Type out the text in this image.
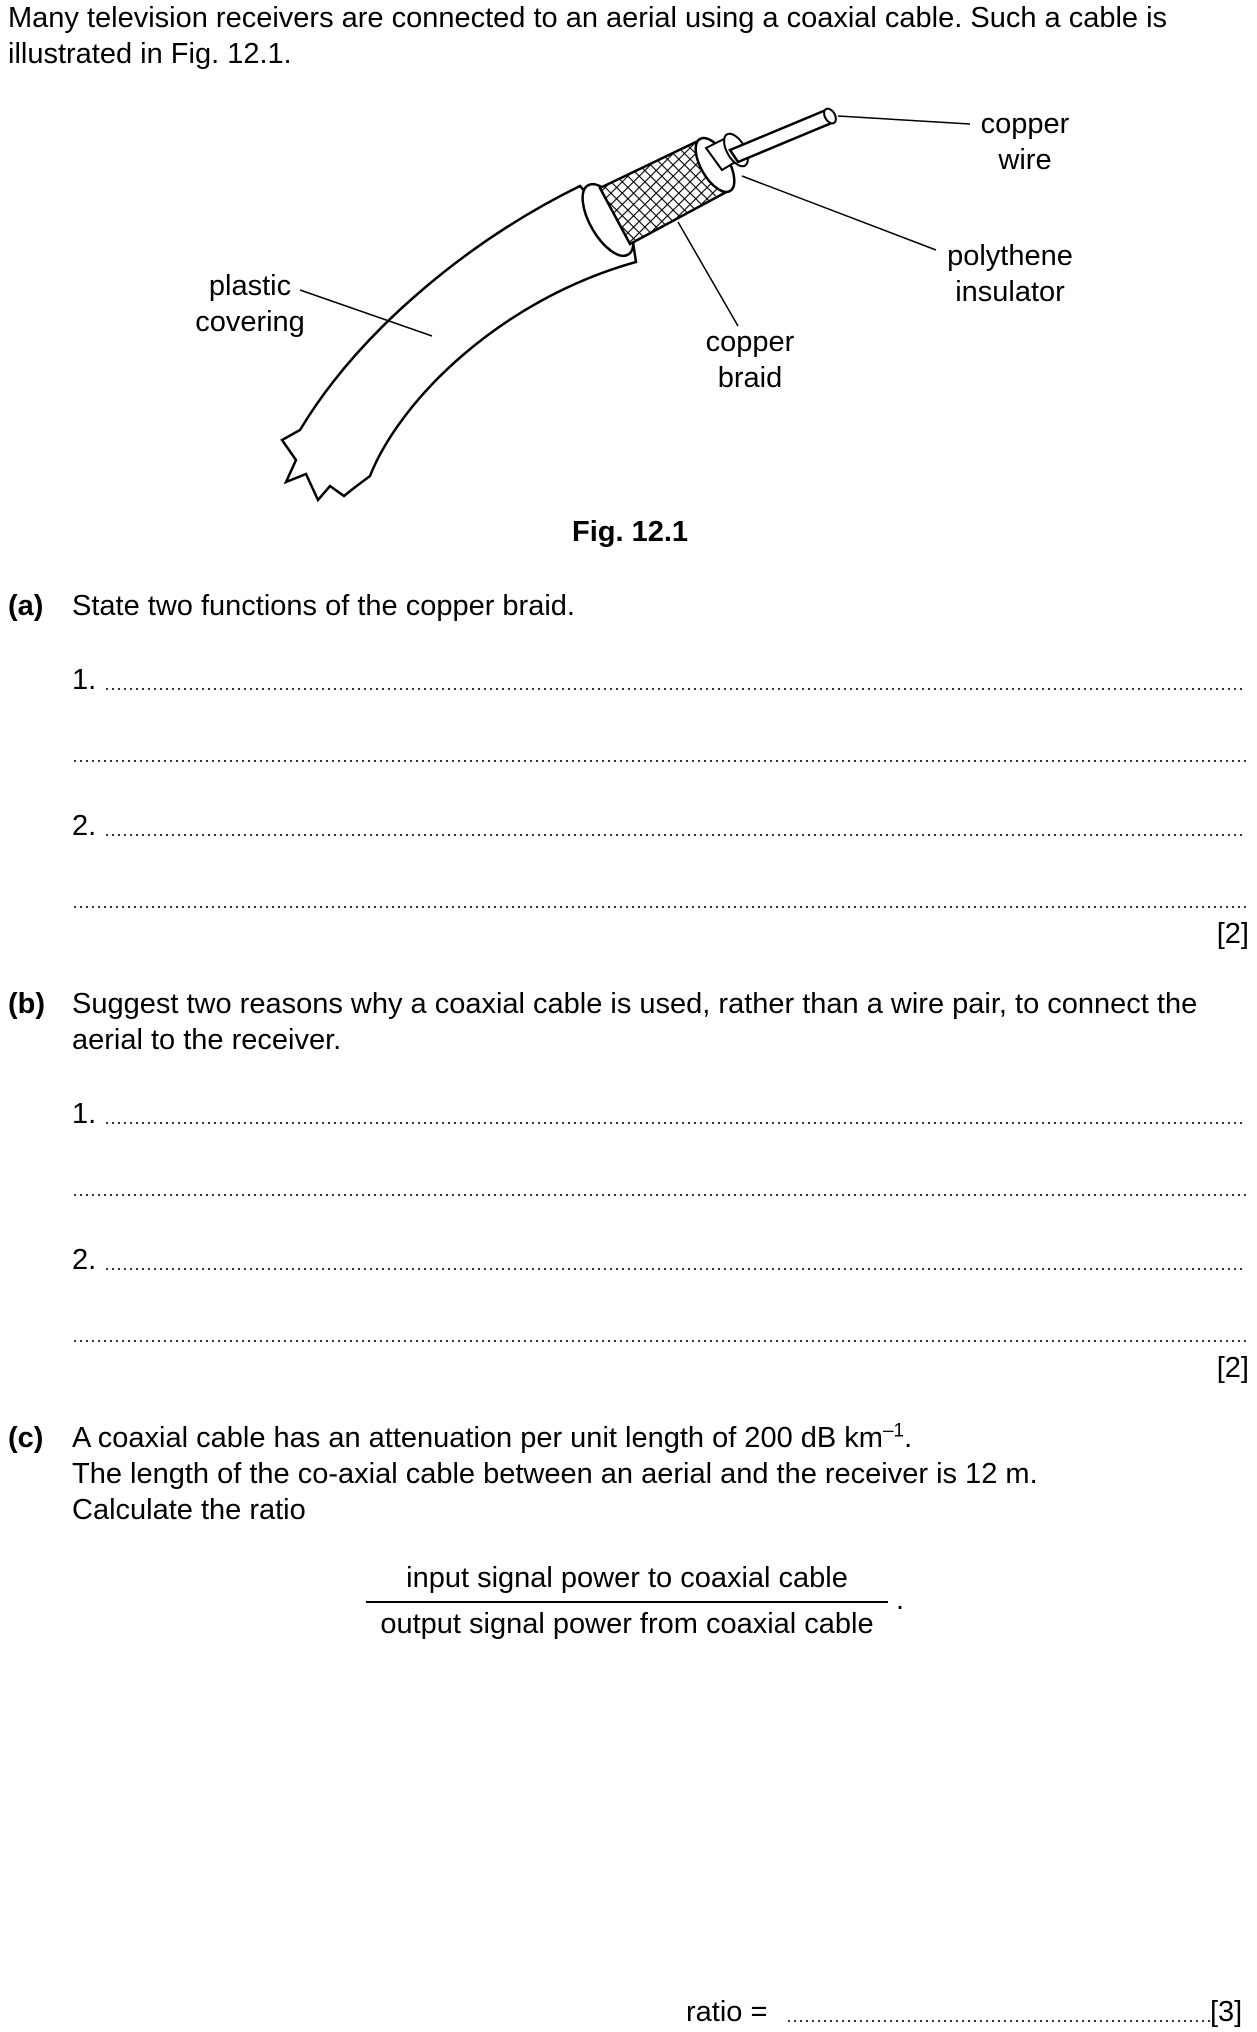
Many television receivers are connected to an aerial using a coaxial cable. Such a cable is illustrated in Fig. 12.1.
copper
wire
polythene
insulator
plastic
covering
copper
braid
Fig. 12.1
(a) State two functions of the copper braid.
1.
2.
[2]
(b) Suggest two reasons why a coaxial cable is used, rather than a wire pair, to connect the
aerial to the receiver.
1.
2.
[2]
(c) A coaxial cable has an attenuation per unit length of 200 dB $km^{-1}$.
The length of the co-axial cable between an aerial and the receiver is 12 m.
Calculate the ratio
input signal power to coaxial cable
output signal power from coaxial cable
.
ratio =	[3]
